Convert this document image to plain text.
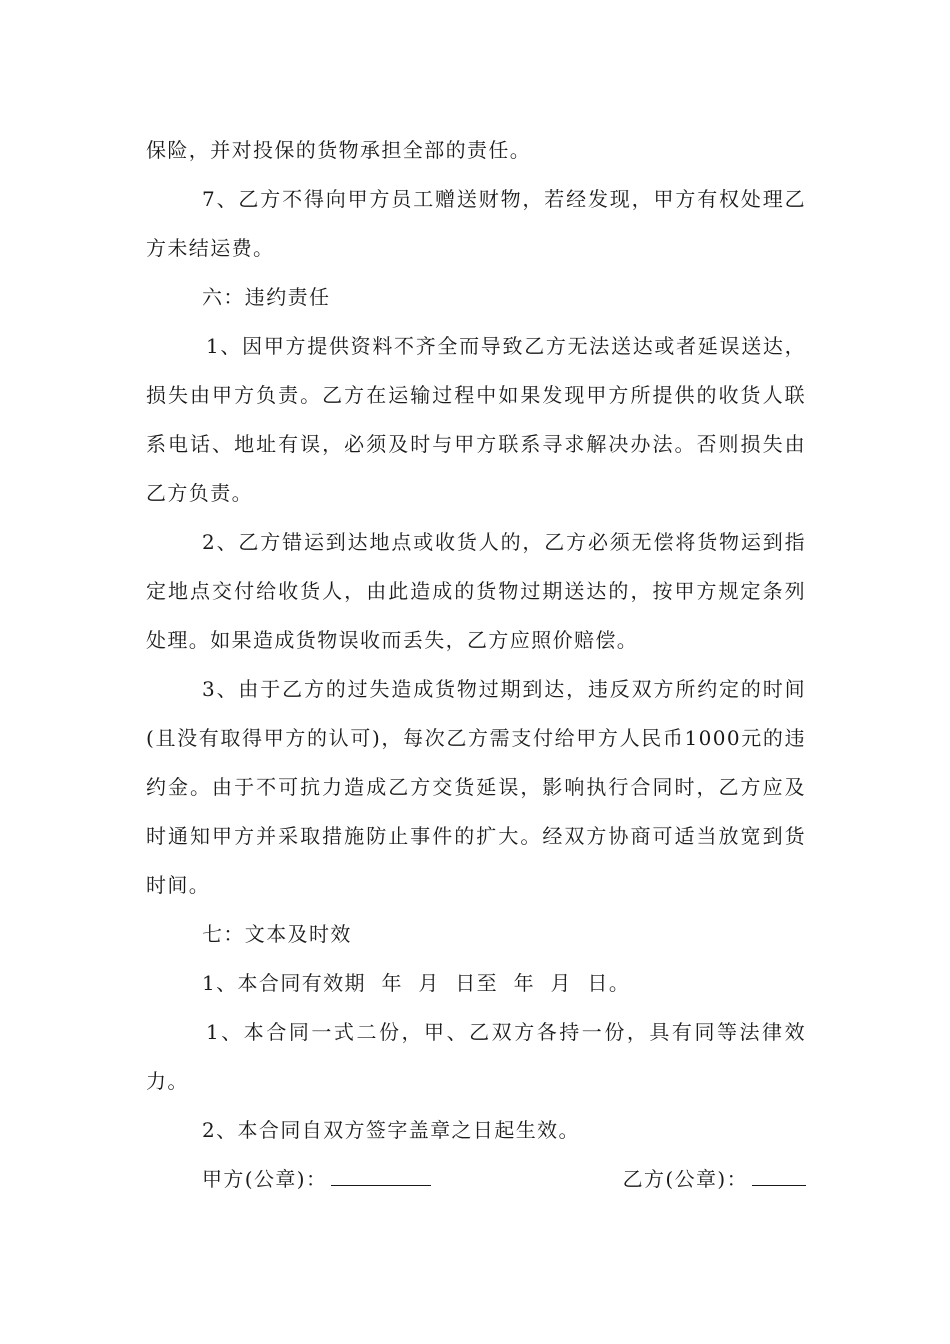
保险，并对投保的货物承担全部的责任。

7、乙方不得向甲方员工赠送财物，若经发现，甲方有权处理乙方未结运费。

六：违约责任

1、因甲方提供资料不齐全而导致乙方无法送达或者延误送达，损失由甲方负责。乙方在运输过程中如果发现甲方所提供的收货人联系电话、地址有误，必须及时与甲方联系寻求解决办法。否则损失由乙方负责。

2、乙方错运到达地点或收货人的，乙方必须无偿将货物运到指定地点交付给收货人，由此造成的货物过期送达的，按甲方规定条列处理。如果造成货物误收而丢失，乙方应照价赔偿。

3、由于乙方的过失造成货物过期到达，违反双方所约定的时间(且没有取得甲方的认可)，每次乙方需支付给甲方人民币1000元的违约金。由于不可抗力造成乙方交货延误，影响执行合同时，乙方应及时通知甲方并采取措施防止事件的扩大。经双方协商可适当放宽到货时间。

七：文本及时效

1、本合同有效期  年  月  日至  年  月  日。

1、本合同一式二份，甲、乙双方各持一份，具有同等法律效力。

2、本合同自双方签字盖章之日起生效。

甲方(公章)：	乙方(公章)：
